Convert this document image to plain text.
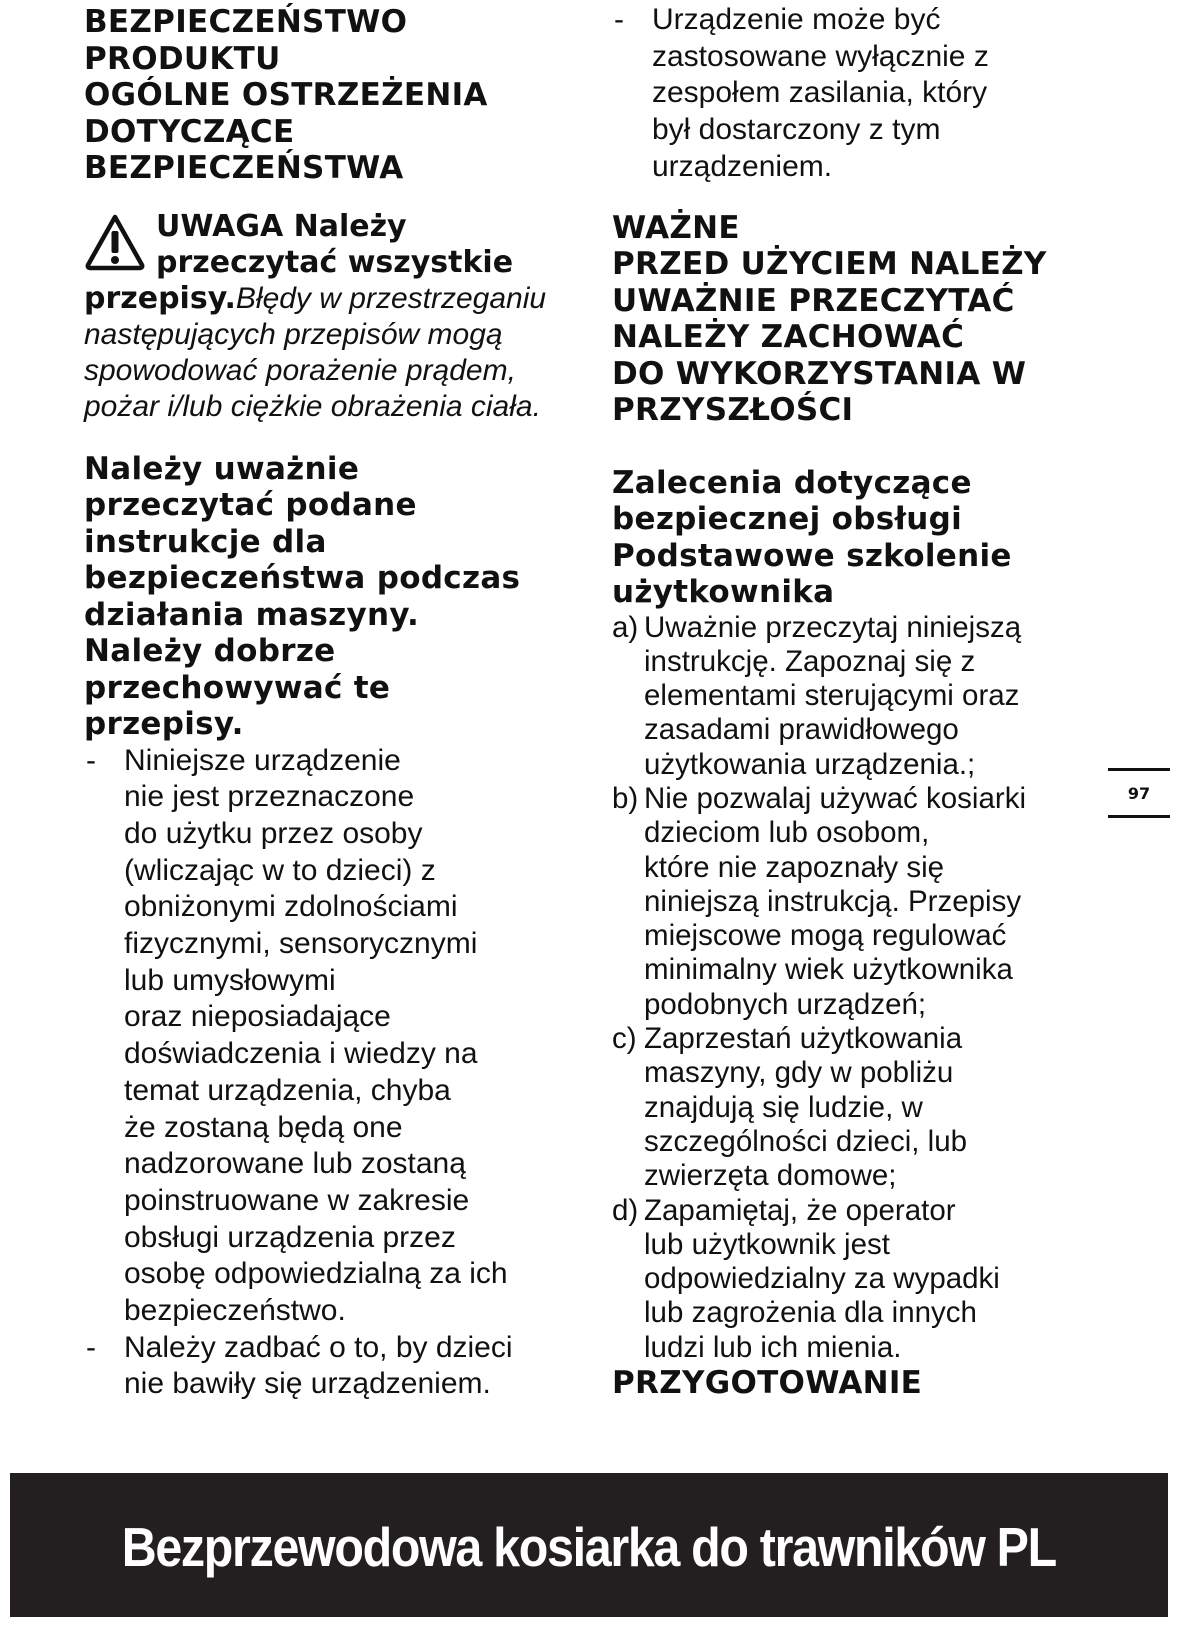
BEZPIECZEŃSTWO
PRODUKTU
OGÓLNE OSTRZEŻENIA
DOTYCZĄCE
BEZPIECZEŃSTWA
UWAGA Należy przeczytać wszystkie przepisy.Błędy w przestrzeganiu następujących przepisów mogą spowodować porażenie prądem, pożar i/lub ciężkie obrażenia ciała.
Należy uważnie
przeczytać podane
instrukcje dla
bezpieczeństwa podczas
działania maszyny.
Należy dobrze
przechowywać te
przepisy.
- Niniejsze urządzenie
nie jest przeznaczone
do użytku przez osoby
(wliczając w to dzieci) z
obniżonymi zdolnościami
fizycznymi, sensorycznymi
lub umysłowymi
oraz nieposiadające
doświadczenia i wiedzy na
temat urządzenia, chyba
że zostaną będą one
nadzorowane lub zostaną
poinstruowane w zakresie
obsługi urządzenia przez
osobę odpowiedzialną za ich
bezpieczeństwo.
- Należy zadbać o to, by dzieci
nie bawiły się urządzeniem.
- Urządzenie może być
zastosowane wyłącznie z
zespołem zasilania, który
był dostarczony z tym
urządzeniem.
WAŻNE
PRZED UŻYCIEM NALEŻY
UWAŻNIE PRZECZYTAĆ
NALEŻY ZACHOWAĆ
DO WYKORZYSTANIA W
PRZYSZŁOŚCI
Zalecenia dotyczące
bezpiecznej obsługi
Podstawowe szkolenie
użytkownika
a) Uważnie przeczytaj niniejszą
instrukcję. Zapoznaj się z
elementami sterującymi oraz
zasadami prawidłowego
użytkowania urządzenia.;
b) Nie pozwalaj używać kosiarki
dzieciom lub osobom,
które nie zapoznały się
niniejszą instrukcją. Przepisy
miejscowe mogą regulować
minimalny wiek użytkownika
podobnych urządzeń;
c) Zaprzestań użytkowania
maszyny, gdy w pobliżu
znajdują się ludzie, w
szczególności dzieci, lub
zwierzęta domowe;
d) Zapamiętaj, że operator
lub użytkownik jest
odpowiedzialny za wypadki
lub zagrożenia dla innych
ludzi lub ich mienia.
PRZYGOTOWANIE
97
Bezprzewodowa kosiarka do trawników PL
